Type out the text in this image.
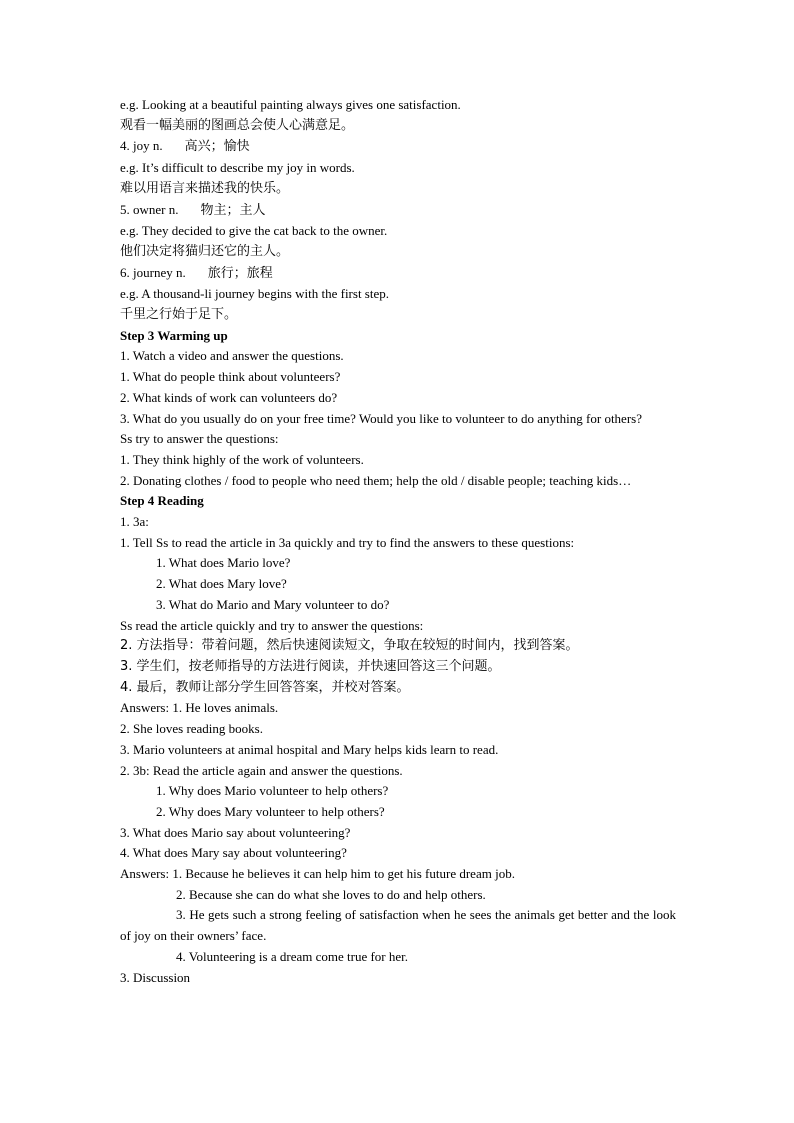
e.g. Looking at a beautiful painting always gives one satisfaction.
观看一幅美丽的图画总会使人心满意足。
4. joy n. 高兴；愉快
e.g. It’s difficult to describe my joy in words.
难以用语言来描述我的快乐。
5. owner n. 物主；主人
e.g. They decided to give the cat back to the owner.
他们决定将猫归还它的主人。
6. journey n. 旅行；旅程
e.g. A thousand-li journey begins with the first step.
千里之行始于足下。
Step 3 Warming up
1. Watch a video and answer the questions.
1. What do people think about volunteers?
2. What kinds of work can volunteers do?
3. What do you usually do on your free time? Would you like to volunteer to do anything for others?
Ss try to answer the questions:
1. They think highly of the work of volunteers.
2. Donating clothes / food to people who need them; help the old / disable people; teaching kids…
Step 4 Reading
1. 3a:
1. Tell Ss to read the article in 3a quickly and try to find the answers to these questions:
1. What does Mario love?
2. What does Mary love?
3. What do Mario and Mary volunteer to do?
Ss read the article quickly and try to answer the questions:
2. 方法指导：带着问题，然后快速阅读短文，争取在较短的时间内，找到答案。
3. 学生们，按老师指导的方法进行阅读，并快速回答这三个问题。
4. 最后，教师让部分学生回答答案，并校对答案。
Answers: 1. He loves animals.
2. She loves reading books.
3. Mario volunteers at animal hospital and Mary helps kids learn to read.
2. 3b: Read the article again and answer the questions.
1. Why does Mario volunteer to help others?
2. Why does Mary volunteer to help others?
3. What does Mario say about volunteering?
4. What does Mary say about volunteering?
Answers: 1. Because he believes it can help him to get his future dream job.
2. Because she can do what she loves to do and help others.
3. He gets such a strong feeling of satisfaction when he sees the animals get better and the look of joy on their owners’ face.
4. Volunteering is a dream come true for her.
3. Discussion
